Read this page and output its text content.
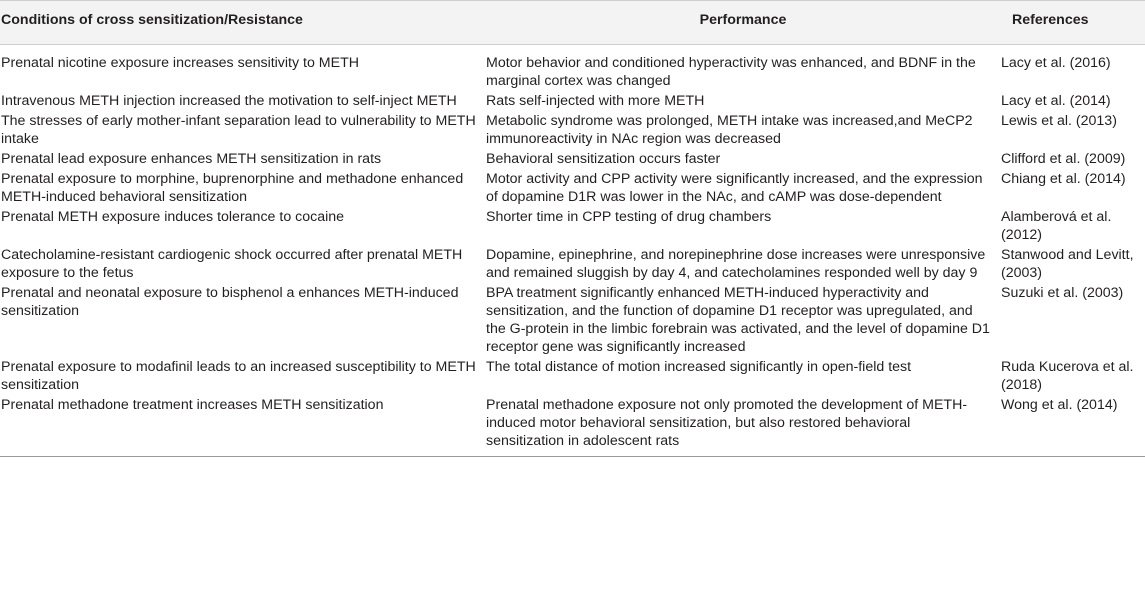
Conditions of cross sensitization/Resistance	Performance	References
Prenatal nicotine exposure increases sensitivity to METH	Motor behavior and conditioned hyperactivity was enhanced, and BDNF in the marginal cortex was changed	Lacy et al. (2016)
Intravenous METH injection increased the motivation to self-inject METH	Rats self-injected with more METH	Lacy et al. (2014)
The stresses of early mother-infant separation lead to vulnerability to METH intake	Metabolic syndrome was prolonged, METH intake was increased,and MeCP2 immunoreactivity in NAc region was decreased	Lewis et al. (2013)
Prenatal lead exposure enhances METH sensitization in rats	Behavioral sensitization occurs faster	Clifford et al. (2009)
Prenatal exposure to morphine, buprenorphine and methadone enhanced METH-induced behavioral sensitization	Motor activity and CPP activity were significantly increased, and the expression of dopamine D1R was lower in the NAc, and cAMP was dose-dependent	Chiang et al. (2014)
Prenatal METH exposure induces tolerance to cocaine	Shorter time in CPP testing of drug chambers	Alamberová et al. (2012)
Catecholamine-resistant cardiogenic shock occurred after prenatal METH exposure to the fetus	Dopamine, epinephrine, and norepinephrine dose increases were unresponsive and remained sluggish by day 4, and catecholamines responded well by day 9	Stanwood and Levitt, (2003)
Prenatal and neonatal exposure to bisphenol a enhances METH-induced sensitization	BPA treatment significantly enhanced METH-induced hyperactivity and sensitization, and the function of dopamine D1 receptor was upregulated, and the G-protein in the limbic forebrain was activated, and the level of dopamine D1 receptor gene was significantly increased	Suzuki et al. (2003)
Prenatal exposure to modafinil leads to an increased susceptibility to METH sensitization	The total distance of motion increased significantly in open-field test	Ruda Kucerova et al. (2018)
Prenatal methadone treatment increases METH sensitization	Prenatal methadone exposure not only promoted the development of METH-induced motor behavioral sensitization, but also restored behavioral sensitization in adolescent rats	Wong et al. (2014)
